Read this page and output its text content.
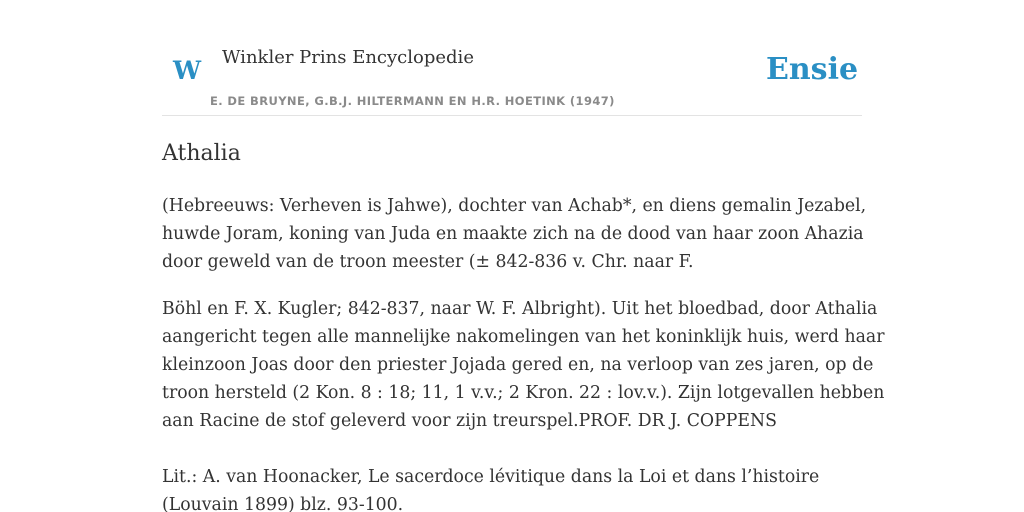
W Winkler Prins Encyclopedie	Ensie
E. DE BRUYNE, G.B.J. HILTERMANN EN H.R. HOETINK (1947)
Athalia

(Hebreeuws: Verheven is Jahwe), dochter van Achab*, en diens gemalin Jezabel,
huwde Joram, koning van Juda en maakte zich na de dood van haar zoon Ahazia
door geweld van de troon meester (± 842-836 v. Chr. naar F.

Böhl en F. X. Kugler; 842-837, naar W. F. Albright). Uit het bloedbad, door Athalia
aangericht tegen alle mannelijke nakomelingen van het koninklijk huis, werd haar
kleinzoon Joas door den priester Jojada gered en, na verloop van zes jaren, op de
troon hersteld (2 Kon. 8 : 18; 11, 1 v.v.; 2 Kron. 22 : lov.v.). Zijn lotgevallen hebben
aan Racine de stof geleverd voor zijn treurspel.PROF. DR J. COPPENS

Lit.: A. van Hoonacker, Le sacerdoce lévitique dans la Loi et dans l’histoire
(Louvain 1899) blz. 93-100.
